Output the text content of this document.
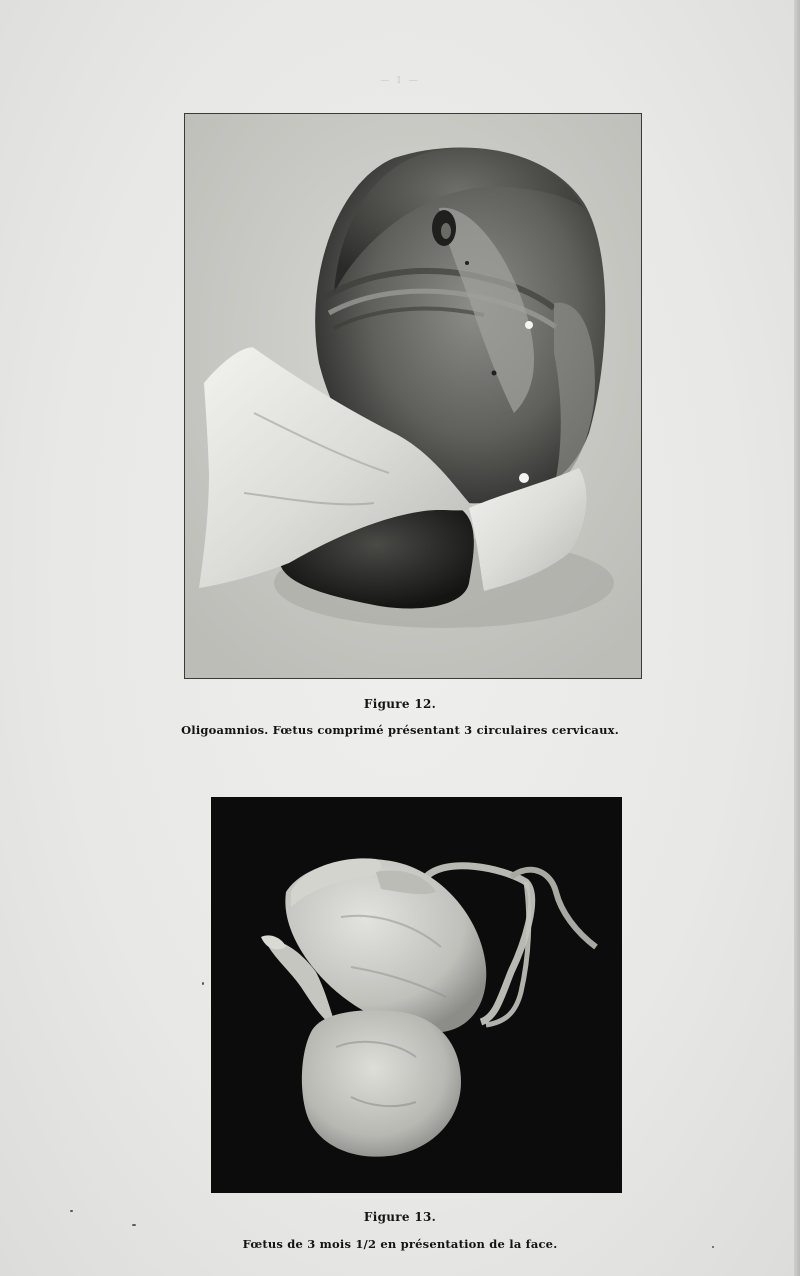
— 1 —
Figure 12.
Oligoamnios. Fœtus comprimé présentant 3 circulaires cervicaux.
Figure 13.
Fœtus de 3 mois 1/2 en présentation de la face.
